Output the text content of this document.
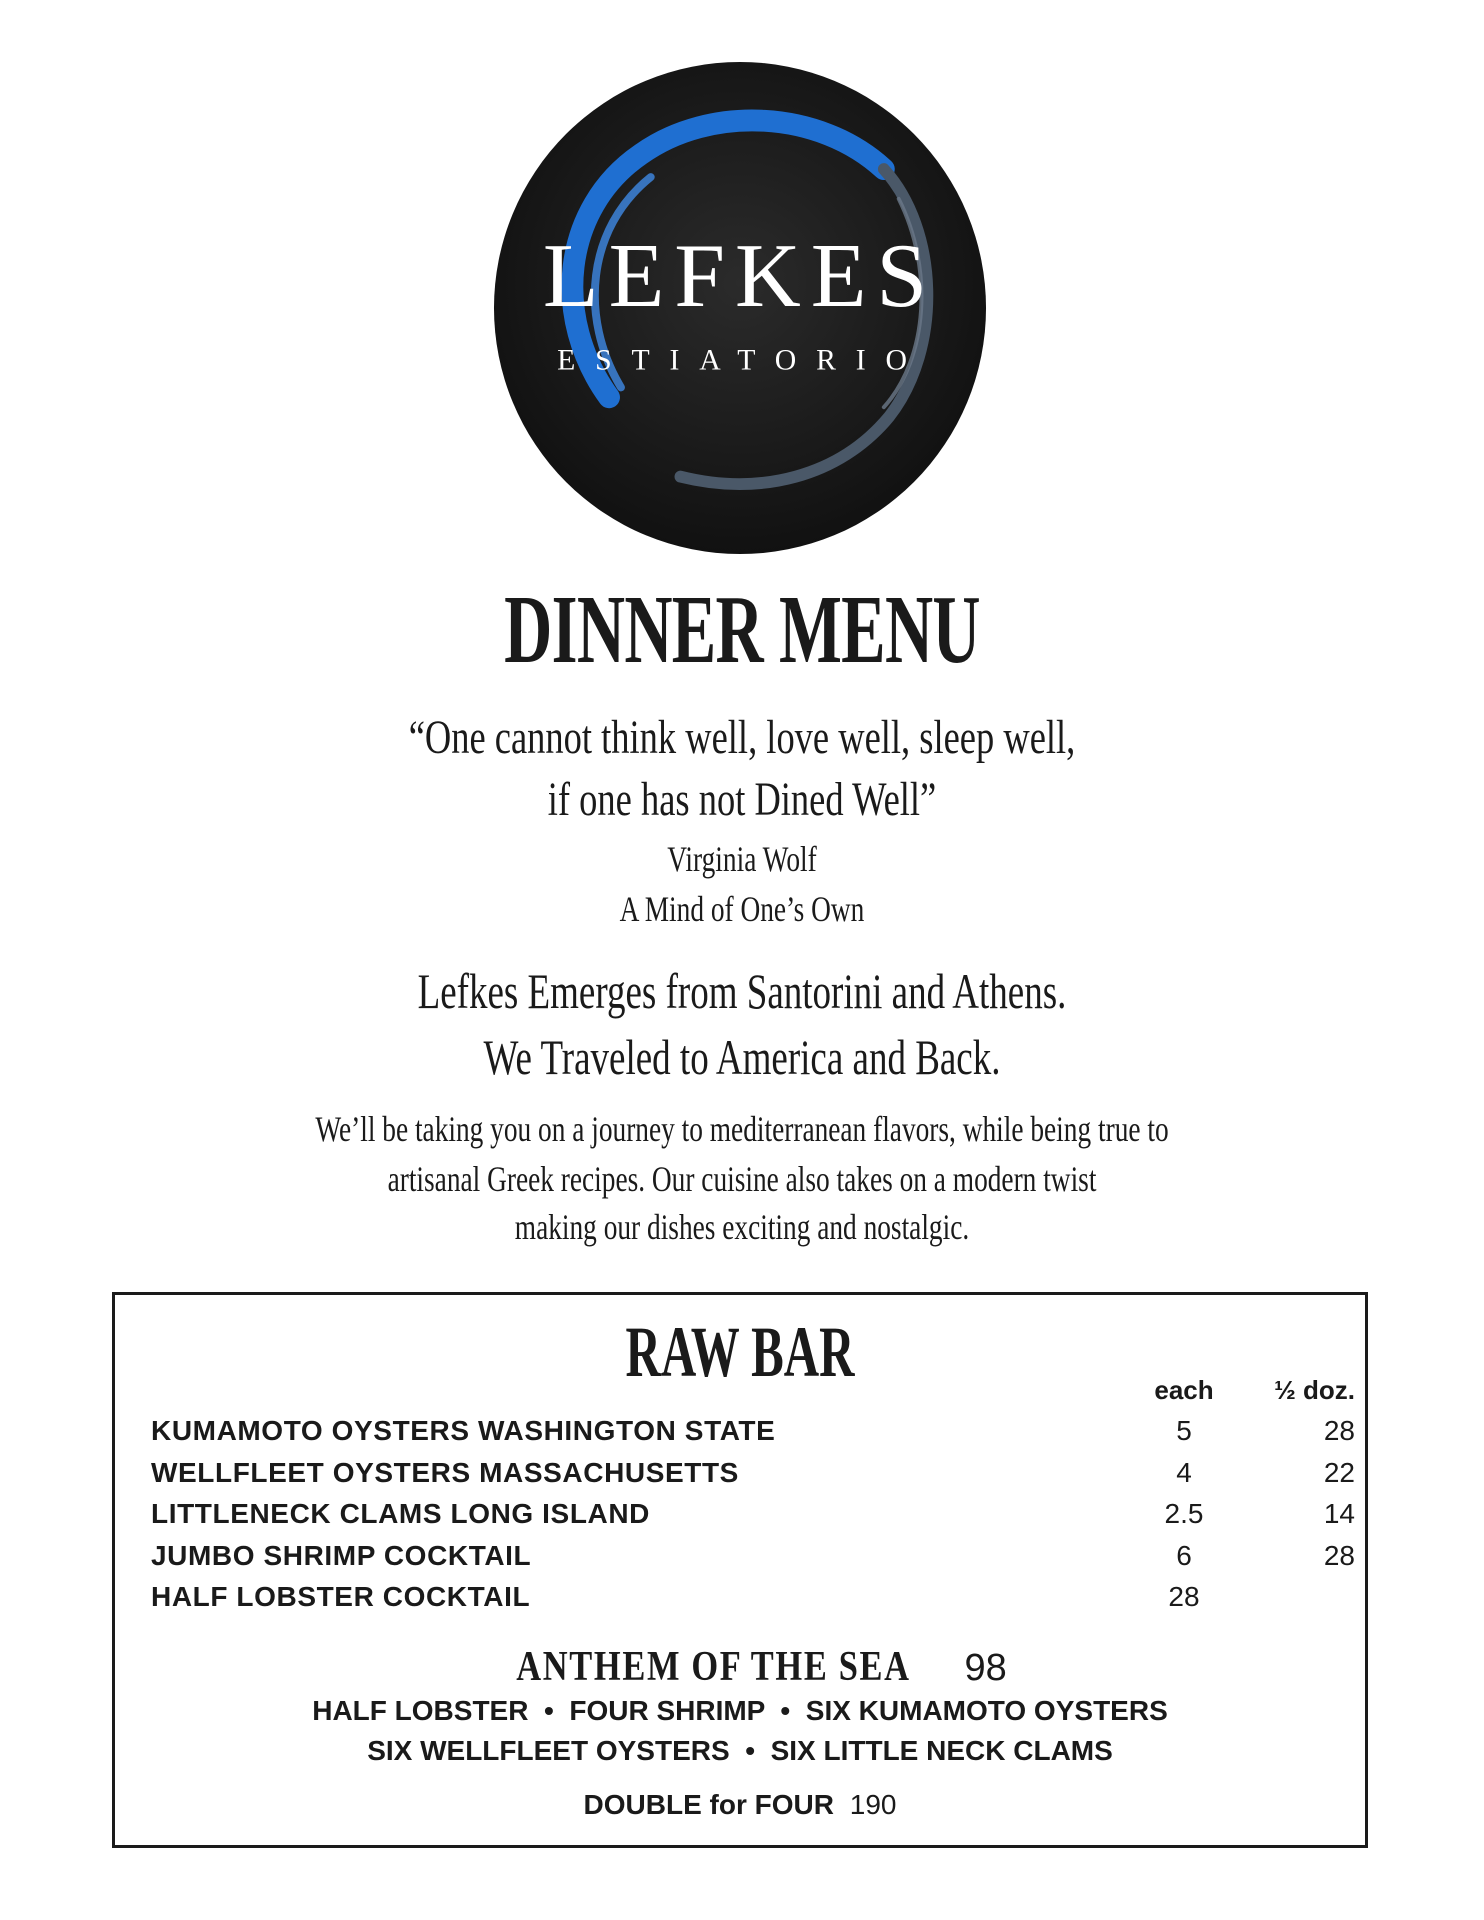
LEFKES
ESTIATORIO
DINNER MENU
“One cannot think well, love well, sleep well,
if one has not Dined Well”
Virginia Wolf
A Mind of One’s Own
Lefkes Emerges from Santorini and Athens.
We Traveled to America and Back.
We’ll be taking you on a journey to mediterranean flavors, while being true to
artisanal Greek recipes. Our cuisine also takes on a modern twist
making our dishes exciting and nostalgic.
RAW BAR	each	½ doz.
KUMAMOTO OYSTERS WASHINGTON STATE	5	28
WELLFLEET OYSTERS MASSACHUSETTS	4	22
LITTLENECK CLAMS LONG ISLAND	2.5	14
JUMBO SHRIMP COCKTAIL	6	28
HALF LOBSTER COCKTAIL	28
ANTHEM OF THE SEA 98
HALF LOBSTER  •  FOUR SHRIMP  •  SIX KUMAMOTO OYSTERS
SIX WELLFLEET OYSTERS  •  SIX LITTLE NECK CLAMS
DOUBLE for FOUR 190
